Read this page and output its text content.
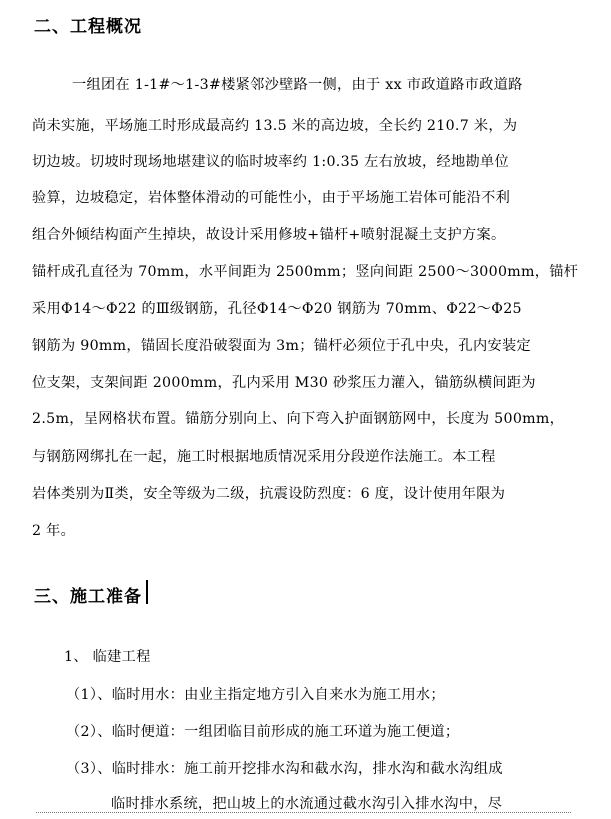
二、工程概况
一组团在 1-1#～1-3#楼紧邻沙壁路一侧，由于 xx 市政道路市政道路
尚未实施，平场施工时形成最高约 13.5 米的高边坡，全长约 210.7 米，为
切边坡。切坡时现场地堪建议的临时坡率约 1:0.35 左右放坡，经地勘单位
验算，边坡稳定，岩体整体滑动的可能性小，由于平场施工岩体可能沿不利
组合外倾结构面产生掉块，故设计采用修坡+锚杆+喷射混凝土支护方案。
锚杆成孔直径为 70mm，水平间距为 2500mm；竖向间距 2500～3000mm，锚杆
采用Φ14～Φ22 的Ⅲ级钢筋，孔径Φ14～Φ20 钢筋为 70mm、Φ22～Φ25
钢筋为 90mm，锚固长度沿破裂面为 3m；锚杆必须位于孔中央，孔内安装定
位支架，支架间距 2000mm，孔内采用 M30 砂浆压力灌入，锚筋纵横间距为
2.5m，呈网格状布置。锚筋分别向上、向下弯入护面钢筋网中，长度为 500mm，
与钢筋网绑扎在一起，施工时根据地质情况采用分段逆作法施工。本工程
岩体类别为Ⅱ类，安全等级为二级，抗震设防烈度：6 度，设计使用年限为
2 年。
三、施工准备
1、 临建工程
（1）、临时用水：由业主指定地方引入自来水为施工用水；
（2）、临时便道：一组团临目前形成的施工环道为施工便道；
（3）、临时排水：施工前开挖排水沟和截水沟，排水沟和截水沟组成
临时排水系统，把山坡上的水流通过截水沟引入排水沟中，尽
